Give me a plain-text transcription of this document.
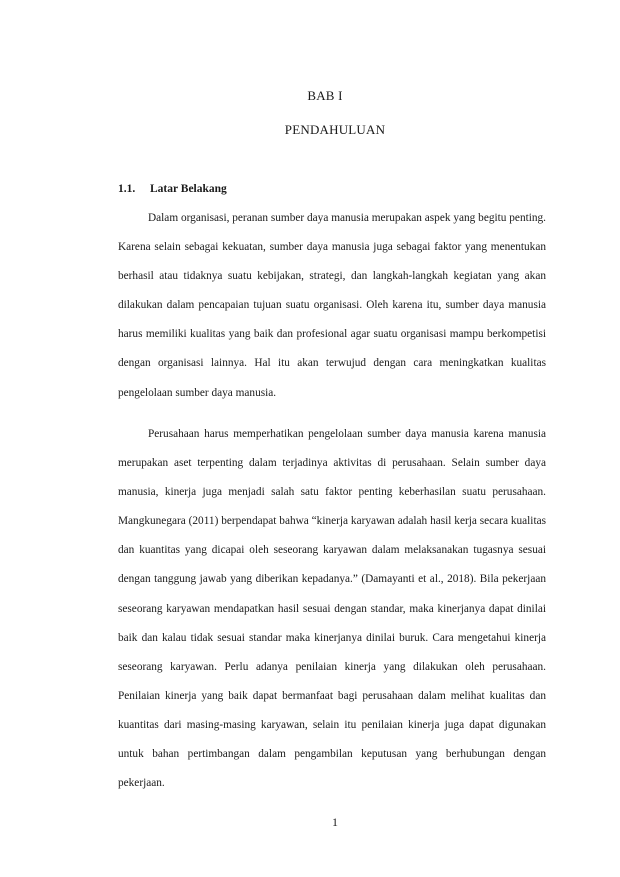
BAB I
PENDAHULUAN
1.1. Latar Belakang

Dalam organisasi, peranan sumber daya manusia merupakan aspek yang begitu penting. Karena selain sebagai kekuatan, sumber daya manusia juga sebagai faktor yang menentukan berhasil atau tidaknya suatu kebijakan, strategi, dan langkah-langkah kegiatan yang akan dilakukan dalam pencapaian tujuan suatu organisasi. Oleh karena itu, sumber daya manusia harus memiliki kualitas yang baik dan profesional agar suatu organisasi mampu berkompetisi dengan organisasi lainnya. Hal itu akan terwujud dengan cara meningkatkan kualitas pengelolaan sumber daya manusia.

Perusahaan harus memperhatikan pengelolaan sumber daya manusia karena manusia merupakan aset terpenting dalam terjadinya aktivitas di perusahaan. Selain sumber daya manusia, kinerja juga menjadi salah satu faktor penting keberhasilan suatu perusahaan. Mangkunegara (2011) berpendapat bahwa “kinerja karyawan adalah hasil kerja secara kualitas dan kuantitas yang dicapai oleh seseorang karyawan dalam melaksanakan tugasnya sesuai dengan tanggung jawab yang diberikan kepadanya.” (Damayanti et al., 2018). Bila pekerjaan seseorang karyawan mendapatkan hasil sesuai dengan standar, maka kinerjanya dapat dinilai baik dan kalau tidak sesuai standar maka kinerjanya dinilai buruk. Cara mengetahui kinerja seseorang karyawan. Perlu adanya penilaian kinerja yang dilakukan oleh perusahaan. Penilaian kinerja yang baik dapat bermanfaat bagi perusahaan dalam melihat kualitas dan kuantitas dari masing-masing karyawan, selain itu penilaian kinerja juga dapat digunakan untuk bahan pertimbangan dalam pengambilan keputusan yang berhubungan dengan pekerjaan.

1
